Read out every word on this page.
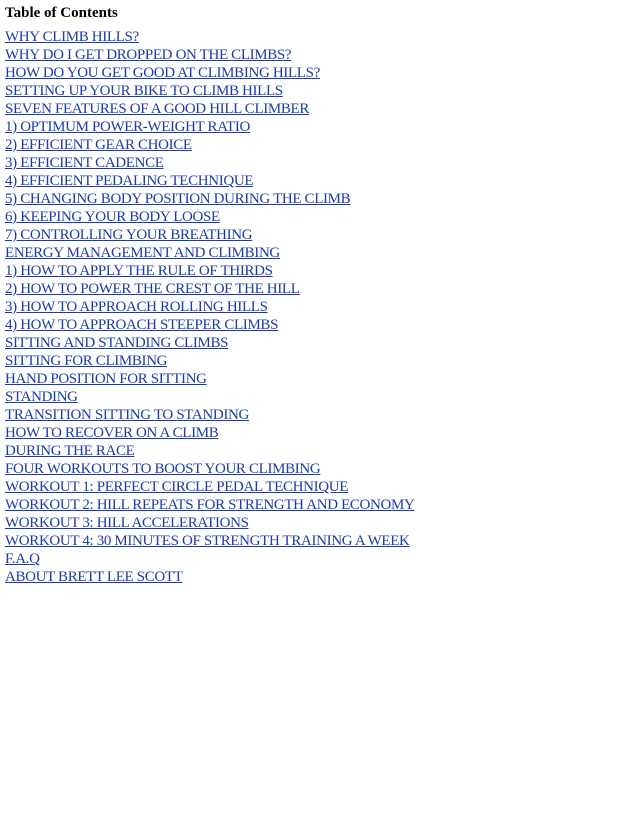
Table of Contents
WHY CLIMB HILLS?
WHY DO I GET DROPPED ON THE CLIMBS?
HOW DO YOU GET GOOD AT CLIMBING HILLS?
SETTING UP YOUR BIKE TO CLIMB HILLS
SEVEN FEATURES OF A GOOD HILL CLIMBER
1) OPTIMUM POWER-WEIGHT RATIO
2) EFFICIENT GEAR CHOICE
3) EFFICIENT CADENCE
4) EFFICIENT PEDALING TECHNIQUE
5) CHANGING BODY POSITION DURING THE CLIMB
6) KEEPING YOUR BODY LOOSE
7) CONTROLLING YOUR BREATHING
ENERGY MANAGEMENT AND CLIMBING
1) HOW TO APPLY THE RULE OF THIRDS
2) HOW TO POWER THE CREST OF THE HILL
3) HOW TO APPROACH ROLLING HILLS
4) HOW TO APPROACH STEEPER CLIMBS
SITTING AND STANDING CLIMBS
SITTING FOR CLIMBING
HAND POSITION FOR SITTING
STANDING
TRANSITION SITTING TO STANDING
HOW TO RECOVER ON A CLIMB
DURING THE RACE
FOUR WORKOUTS TO BOOST YOUR CLIMBING
WORKOUT 1: PERFECT CIRCLE PEDAL TECHNIQUE
WORKOUT 2: HILL REPEATS FOR STRENGTH AND ECONOMY
WORKOUT 3: HILL ACCELERATIONS
WORKOUT 4: 30 MINUTES OF STRENGTH TRAINING A WEEK
F.A.Q
ABOUT BRETT LEE SCOTT
